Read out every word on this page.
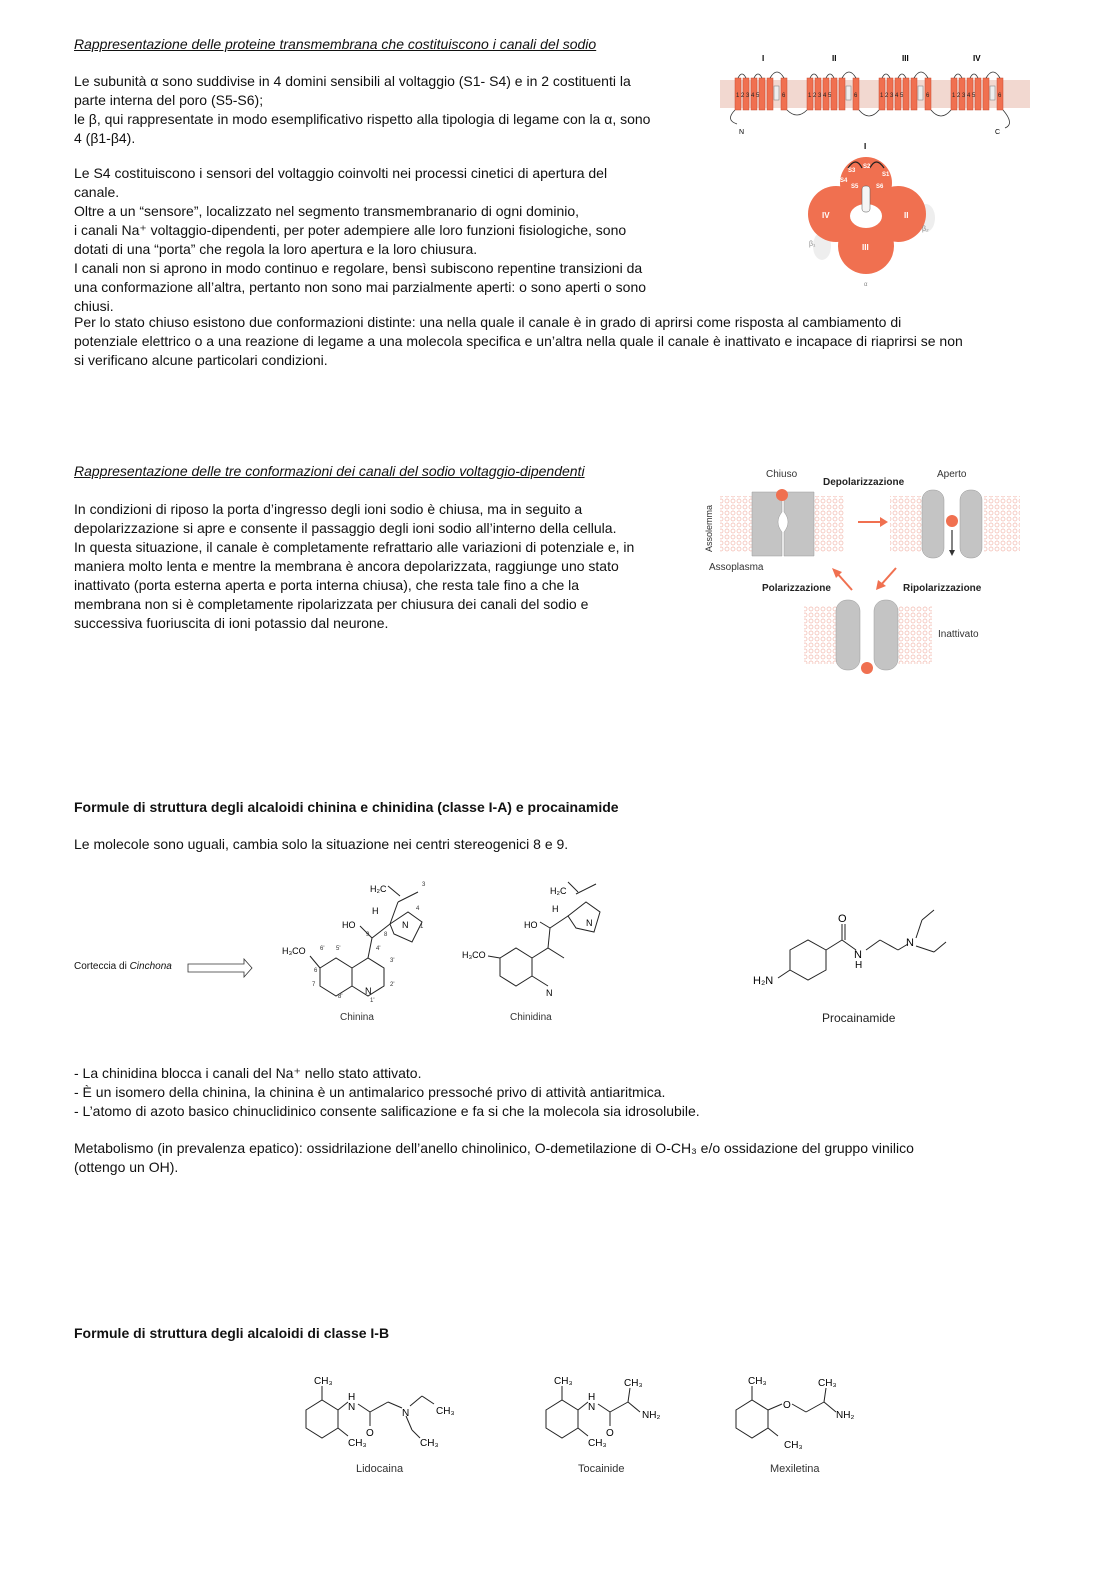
Rappresentazione delle proteine transmembrana che costituiscono i canali del sodio

Le subunità α sono suddivise in 4 domini sensibili al voltaggio (S1- S4) e in 2 costituenti la

parte interna del poro (S5-S6);

le β, qui rappresentate in modo esemplificativo rispetto alla tipologia di legame con la α, sono

4 (β1-β4).

Le S4 costituiscono i sensori del voltaggio coinvolti nei processi cinetici di apertura del

canale.

Oltre a un “sensore”, localizzato nel segmento transmembranario di ogni dominio,

i canali Na⁺ voltaggio-dipendenti, per poter adempiere alle loro funzioni fisiologiche, sono

dotati di una “porta” che regola la loro apertura e la loro chiusura.

I canali non si aprono in modo continuo e regolare, bensì subiscono repentine transizioni da

una conformazione all’altra, pertanto non sono mai parzialmente aperti: o sono aperti o sono

chiusi.

Per lo stato chiuso esistono due conformazioni distinte: una nella quale il canale è in grado di aprirsi come risposta al cambiamento di

potenziale elettrico o a una reazione di legame a una molecola specifica e un’altra nella quale il canale è inattivato e incapace di riaprirsi se non

si verificano alcune particolari condizioni.

I	II	III	IV
1 2 3 4 5	6	1 2 3 4 5	6	1 2 3 4 5	6	1 2 3 4 5	6
N	C
I
S3
S2
S4
S1
S5	S6
IV	II
III
β₁
β₂
α
Rappresentazione delle tre conformazioni dei canali del sodio voltaggio-dipendenti

In condizioni di riposo la porta d’ingresso degli ioni sodio è chiusa, ma in seguito a

depolarizzazione si apre e consente il passaggio degli ioni sodio all’interno della cellula.

In questa situazione, il canale è completamente refrattario alle variazioni di potenziale e, in

maniera molto lenta e mentre la membrana è ancora depolarizzata, raggiunge uno stato

inattivato (porta esterna aperta e porta interna chiusa), che resta tale fino a che la

membrana non si è completamente ripolarizzata per chiusura dei canali del sodio e

successiva fuoriuscita di ioni potassio dal neurone.

Chiuso
Depolarizzazione
Aperto
Assolemma
Assoplasma
Polarizzazione	Ripolarizzazione
Inattivato
Formule di struttura degli alcaloidi chinina e chinidina (classe I-A) e procainamide
Le molecole sono uguali, cambia solo la situazione nei centri stereogenici 8 e 9.
Corteccia di Cinchona
H₂C
HO
H
N
H₃CO
N
3
4
1
9 8
6' 5'	4'
3'
2'
7
8'
1'
6
Chinina
H₂C
HO
H
N
H₃CO
N
Chinidina
O
N
H
N
H₂N
Procainamide

- La chinidina blocca i canali del Na⁺ nello stato attivato.

- È un isomero della chinina, la chinina è un antimalarico pressoché privo di attività antiaritmica.

- L’atomo di azoto basico chinuclidinico consente salificazione e fa si che la molecola sia idrosolubile.

Metabolismo (in prevalenza epatico): ossidrilazione dell’anello chinolinico, O-demetilazione di O-CH₃ e/o ossidazione del gruppo vinilico

(ottengo un OH).

Formule di struttura degli alcaloidi di classe I-B
CH₃
H
N
O
N	CH₃
CH₃
CH₃
Lidocaina
CH₃
H
N
O
CH₃
NH₂
CH₃
Tocainide
CH₃
O
CH₃
NH₂
CH₃
Mexiletina
